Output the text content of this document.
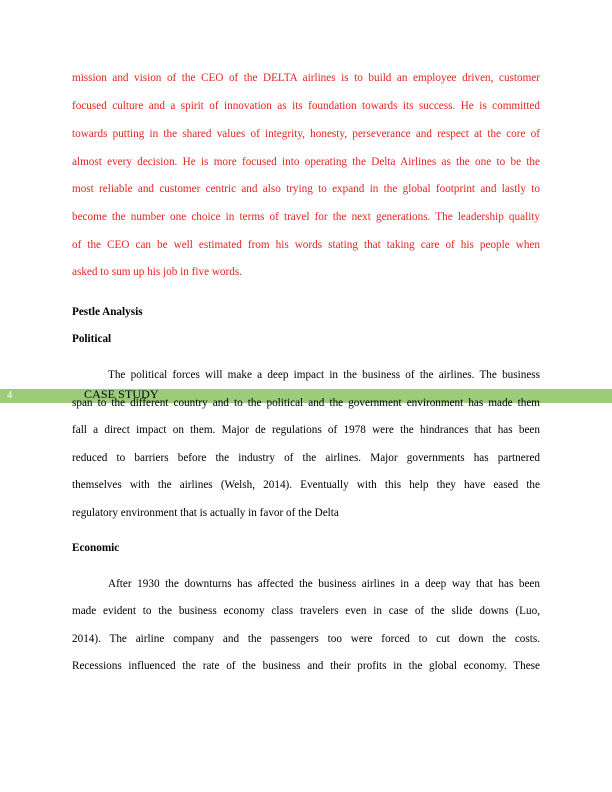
mission and vision of the CEO of the DELTA airlines is to build an employee driven, customer
focused culture and a spirit of innovation as its foundation towards its success. He is committed
towards putting in the shared values of integrity, honesty, perseverance and respect at the core of
almost every decision. He is more focused into operating the Delta Airlines as the one to be the
most reliable and customer centric and also trying to expand in the global footprint and lastly to
become the number one choice in terms of travel for the next generations. The leadership quality
of the CEO can be well estimated from his words stating that taking care of his people when
asked to sum up his job in five words.
Pestle Analysis
Political
The political forces will make a deep impact in the business of the airlines. The business
4
span to the different country and to the political and the government environment has made them
CASE STUDY
fall a direct impact on them. Major de regulations of 1978 were the hindrances that has been
reduced to barriers before the industry of the airlines. Major governments has partnered
themselves with the airlines (Welsh, 2014). Eventually with this help they have eased the
regulatory environment that is actually in favor of the Delta
Economic
After 1930 the downturns has affected the business airlines in a deep way that has been
made evident to the business economy class travelers even in case of the slide downs (Luo,
2014). The airline company and the passengers too were forced to cut down the costs.
Recessions influenced the rate of the business and their profits in the global economy. These
